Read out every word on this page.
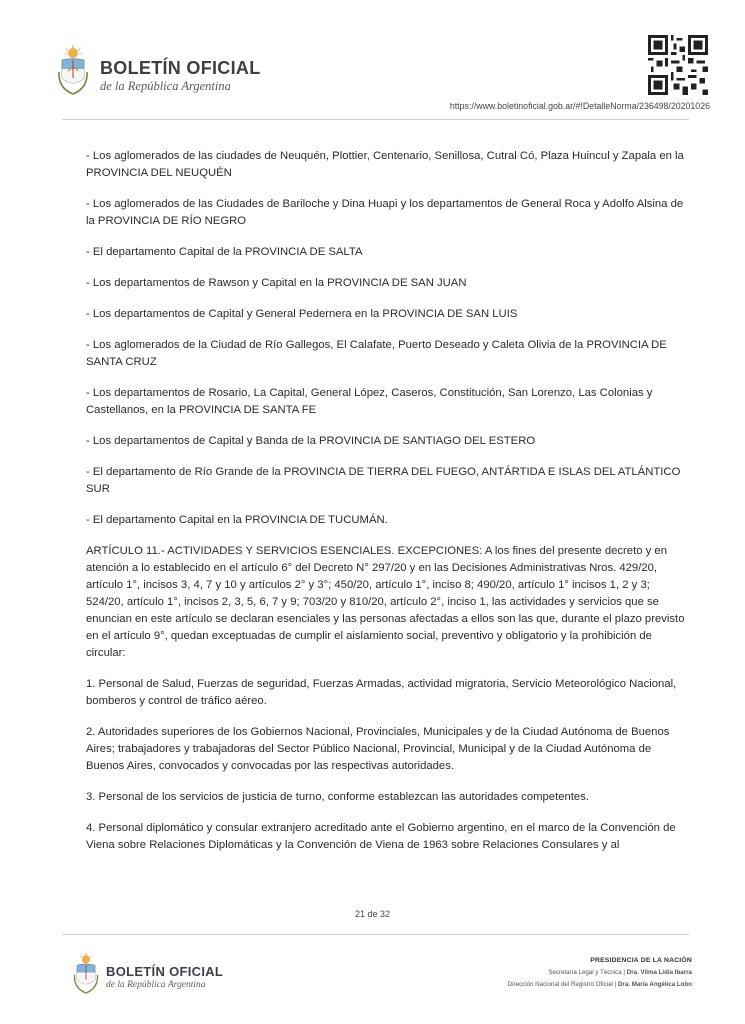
BOLETÍN OFICIAL
de la República Argentina
https://www.boletinoficial.gob.ar/#!DetalleNorma/236498/20201026

- Los aglomerados de las ciudades de Neuquén, Plottier, Centenario, Senillosa, Cutral Có, Plaza Huincul y Zapala en la PROVINCIA DEL NEUQUÉN

- Los aglomerados de las Ciudades de Bariloche y Dina Huapi y los departamentos de General Roca y Adolfo Alsina de la PROVINCIA DE RÍO NEGRO

- El departamento Capital de la PROVINCIA DE SALTA

- Los departamentos de Rawson y Capital en la PROVINCIA DE SAN JUAN

- Los departamentos de Capital y General Pedernera en la PROVINCIA DE SAN LUIS

- Los aglomerados de la Ciudad de Río Gallegos, El Calafate, Puerto Deseado y Caleta Olivia de la PROVINCIA DE SANTA CRUZ

- Los departamentos de Rosario, La Capital, General López, Caseros, Constitución, San Lorenzo, Las Colonias y Castellanos, en la PROVINCIA DE SANTA FE

- Los departamentos de Capital y Banda de la PROVINCIA DE SANTIAGO DEL ESTERO

- El departamento de Río Grande de la PROVINCIA DE TIERRA DEL FUEGO, ANTÁRTIDA E ISLAS DEL ATLÁNTICO SUR

- El departamento Capital en la PROVINCIA DE TUCUMÁN.

ARTÍCULO 11.- ACTIVIDADES Y SERVICIOS ESENCIALES. EXCEPCIONES: A los fines del presente decreto y en atención a lo establecido en el artículo 6° del Decreto N° 297/20 y en las Decisiones Administrativas Nros. 429/20, artículo 1°, incisos 3, 4, 7 y 10 y artículos 2° y 3°; 450/20, artículo 1°, inciso 8; 490/20, artículo 1° incisos 1, 2 y 3; 524/20, artículo 1°, incisos 2, 3, 5, 6, 7 y 9; 703/20 y 810/20, artículo 2°, inciso 1, las actividades y servicios que se enuncian en este artículo se declaran esenciales y las personas afectadas a ellos son las que, durante el plazo previsto en el artículo 9°, quedan exceptuadas de cumplir el aislamiento social, preventivo y obligatorio y la prohibición de circular:

1. Personal de Salud, Fuerzas de seguridad, Fuerzas Armadas, actividad migratoria, Servicio Meteorológico Nacional, bomberos y control de tráfico aéreo.

2. Autoridades superiores de los Gobiernos Nacional, Provinciales, Municipales y de la Ciudad Autónoma de Buenos Aires; trabajadores y trabajadoras del Sector Público Nacional, Provincial, Municipal y de la Ciudad Autónoma de Buenos Aires, convocados y convocadas por las respectivas autoridades.

3. Personal de los servicios de justicia de turno, conforme establezcan las autoridades competentes.

4. Personal diplomático y consular extranjero acreditado ante el Gobierno argentino, en el marco de la Convención de Viena sobre Relaciones Diplomáticas y la Convención de Viena de 1963 sobre Relaciones Consulares y al

21 de 32
BOLETÍN OFICIAL
de la República Argentina
PRESIDENCIA DE LA NACIÓN
Secretaría Legal y Técnica | Dra. Vilma Lidia Ibarra
Dirección Nacional del Registro Oficial | Dra. María Angélica Lobo
